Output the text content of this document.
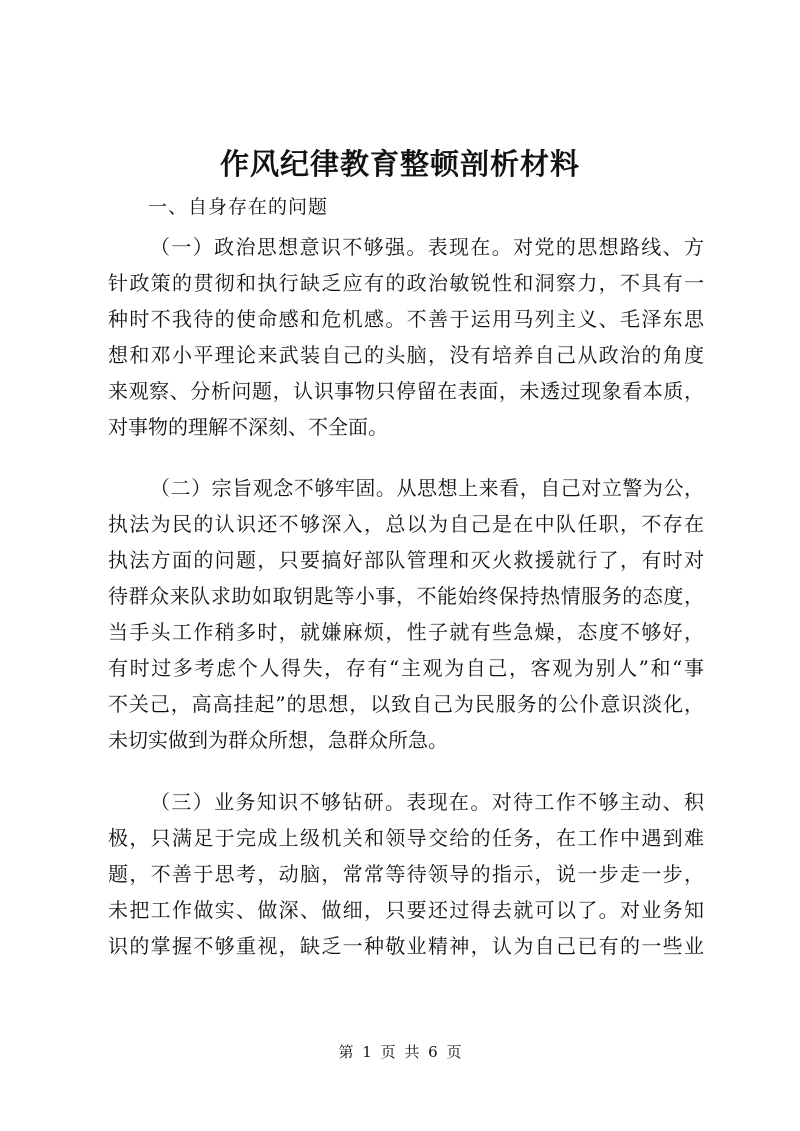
作风纪律教育整顿剖析材料
一、自身存在的问题
（一）政治思想意识不够强。表现在。对党的思想路线、方
针政策的贯彻和执行缺乏应有的政治敏锐性和洞察力，不具有一
种时不我待的使命感和危机感。不善于运用马列主义、毛泽东思
想和邓小平理论来武装自己的头脑，没有培养自己从政治的角度
来观察、分析问题，认识事物只停留在表面，未透过现象看本质，
对事物的理解不深刻、不全面。
（二）宗旨观念不够牢固。从思想上来看，自己对立警为公，
执法为民的认识还不够深入，总以为自己是在中队任职，不存在
执法方面的问题，只要搞好部队管理和灭火救援就行了，有时对
待群众来队求助如取钥匙等小事，不能始终保持热情服务的态度，
当手头工作稍多时，就嫌麻烦，性子就有些急燥，态度不够好，
有时过多考虑个人得失，存有“主观为自己，客观为别人”和“事
不关己，高高挂起”的思想，以致自己为民服务的公仆意识淡化，
未切实做到为群众所想，急群众所急。
（三）业务知识不够钻研。表现在。对待工作不够主动、积
极，只满足于完成上级机关和领导交给的任务，在工作中遇到难
题，不善于思考，动脑，常常等待领导的指示，说一步走一步，
未把工作做实、做深、做细，只要还过得去就可以了。对业务知
识的掌握不够重视，缺乏一种敬业精神，认为自己已有的一些业
第 1 页 共 6 页
